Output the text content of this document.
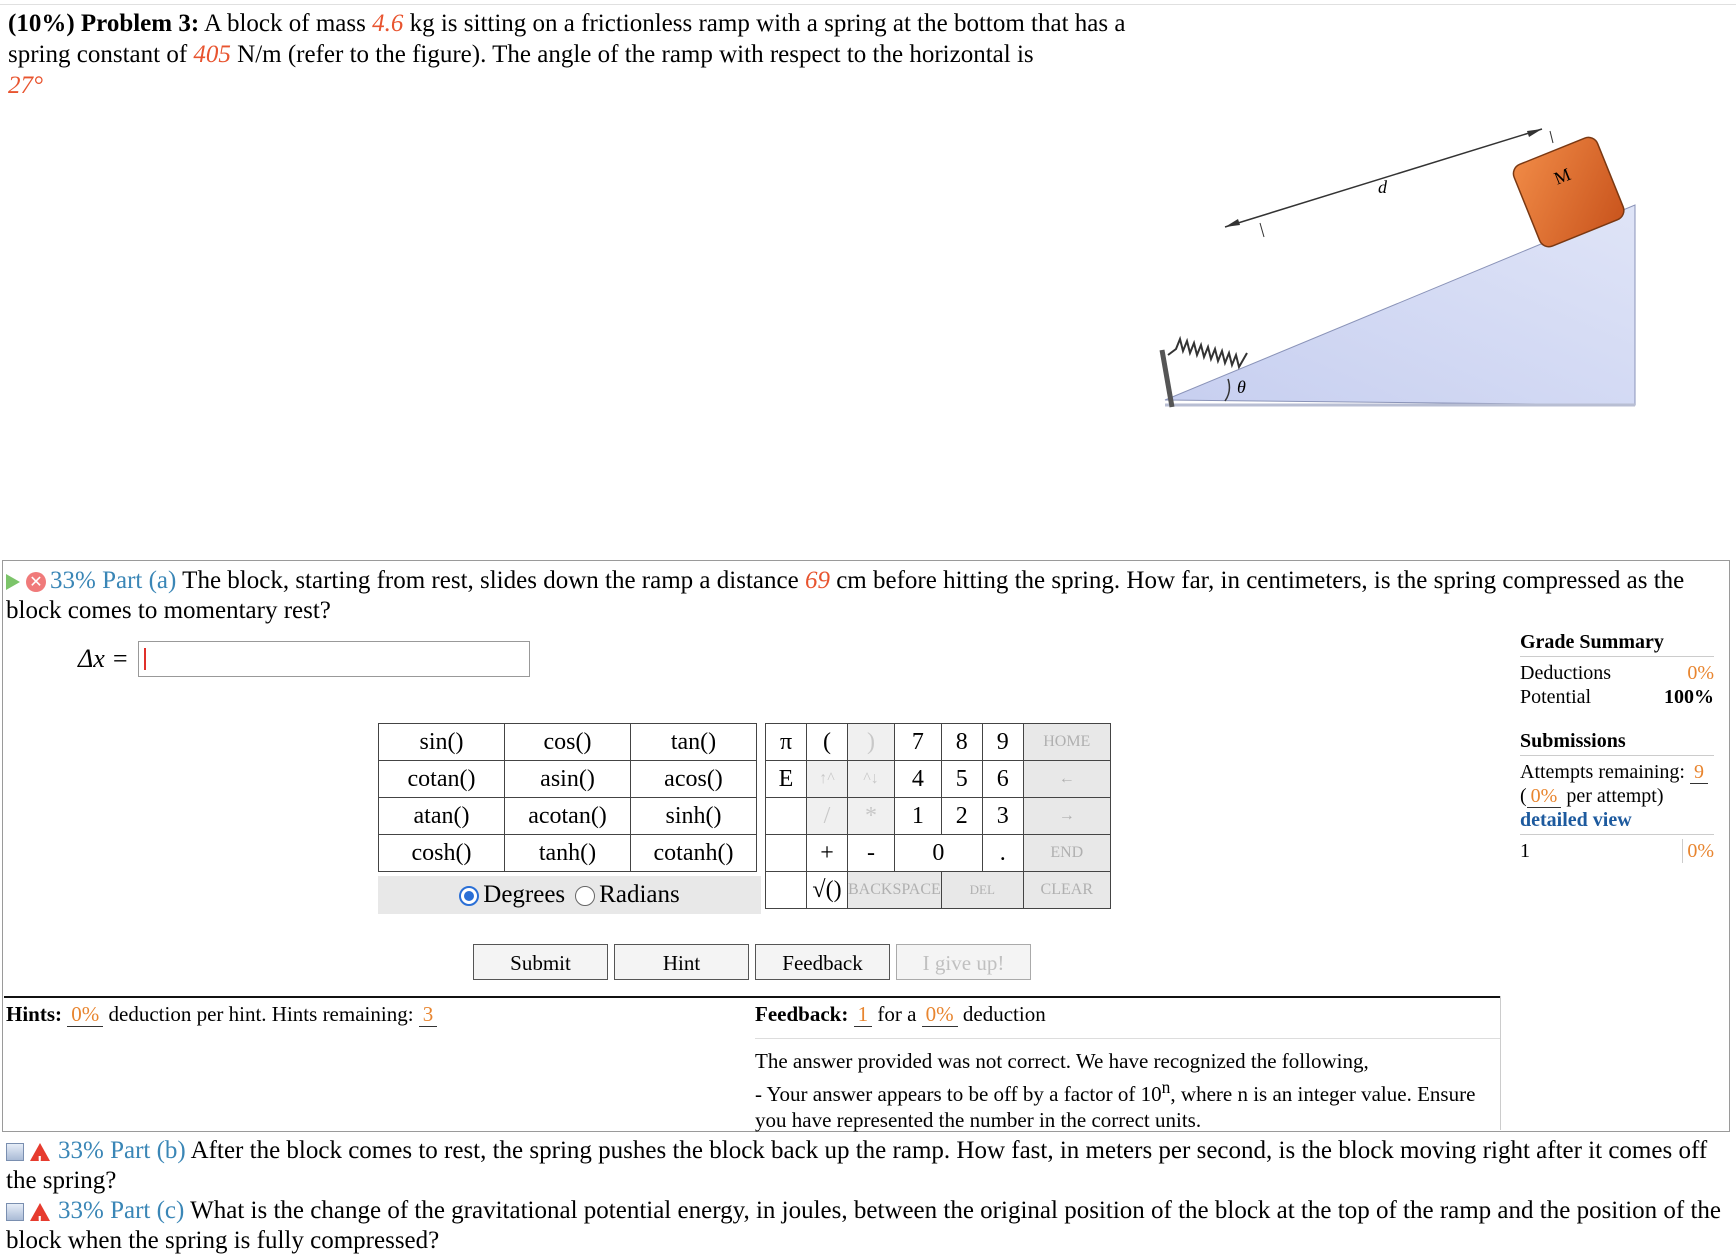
(10%) Problem 3: A block of mass 4.6 kg is sitting on a frictionless ramp with a spring at the bottom that has a spring constant of 405 N/m (refer to the figure). The angle of the ramp with respect to the horizontal is
27°
θ
d	M
✕ 33% Part (a) The block, starting from rest, slides down the ramp a distance 69 cm before hitting the spring. How far, in centimeters, is the spring compressed as the block comes to momentary rest?
Δx =
sin()	cos()	tan()
cotan()	asin()	acos()
atan()	acotan()	sinh()
cosh()	tanh()	cotanh()
Degrees	Radians
π	(	)	7	8	9	HOME
E	↑^	^↓	4	5	6	←
	/	*	1	2	3	→
	+	-	0		.	END
	√()	BACKSPACE		DEL		CLEAR
Submit	Hint	Feedback	I give up!
Hints: 0% deduction per hint. Hints remaining: 3	Feedback: 1 for a 0% deduction
The answer provided was not correct. We have recognized the following,
- Your answer appears to be off by a factor of 10$^n$, where n is an integer value. Ensure you have represented the number in the correct units.
Grade Summary
Deductions	0%
Potential	100%
Submissions
Attempts remaining: 9
( 0% per attempt)
detailed view
1	0%
!33% Part (b) After the block comes to rest, the spring pushes the block back up the ramp. How fast, in meters per second, is the block moving right after it comes off the spring?
!33% Part (c) What is the change of the gravitational potential energy, in joules, between the original position of the block at the top of the ramp and the position of the block when the spring is fully compressed?
